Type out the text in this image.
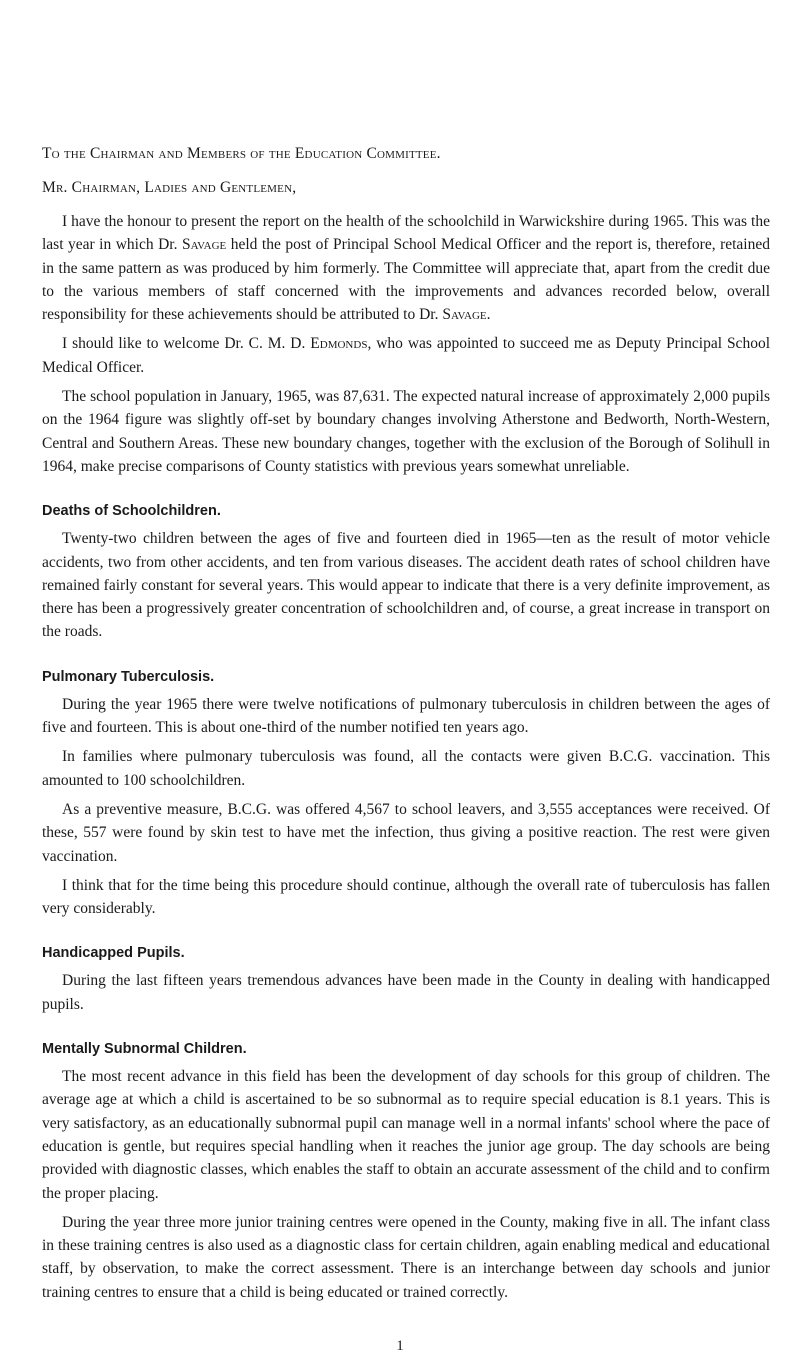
To the Chairman and Members of the Education Committee.
Mr. Chairman, Ladies and Gentlemen,

I have the honour to present the report on the health of the schoolchild in Warwickshire during 1965. This was the last year in which Dr. Savage held the post of Principal School Medical Officer and the report is, therefore, retained in the same pattern as was produced by him formerly. The Committee will appreciate that, apart from the credit due to the various members of staff concerned with the improvements and advances recorded below, overall responsibility for these achievements should be attributed to Dr. Savage.

I should like to welcome Dr. C. M. D. Edmonds, who was appointed to succeed me as Deputy Principal School Medical Officer.

The school population in January, 1965, was 87,631. The expected natural increase of approximately 2,000 pupils on the 1964 figure was slightly off-set by boundary changes involving Atherstone and Bedworth, North-Western, Central and Southern Areas. These new boundary changes, together with the exclusion of the Borough of Solihull in 1964, make precise comparisons of County statistics with previous years somewhat unreliable.

Deaths of Schoolchildren.

Twenty-two children between the ages of five and fourteen died in 1965—ten as the result of motor vehicle accidents, two from other accidents, and ten from various diseases. The accident death rates of school children have remained fairly constant for several years. This would appear to indicate that there is a very definite improvement, as there has been a progressively greater concentration of schoolchildren and, of course, a great increase in transport on the roads.

Pulmonary Tuberculosis.

During the year 1965 there were twelve notifications of pulmonary tuberculosis in children between the ages of five and fourteen. This is about one-third of the number notified ten years ago.

In families where pulmonary tuberculosis was found, all the contacts were given B.C.G. vaccination. This amounted to 100 schoolchildren.

As a preventive measure, B.C.G. was offered 4,567 to school leavers, and 3,555 acceptances were received. Of these, 557 were found by skin test to have met the infection, thus giving a positive reaction. The rest were given vaccination.

I think that for the time being this procedure should continue, although the overall rate of tuberculosis has fallen very considerably.

Handicapped Pupils.

During the last fifteen years tremendous advances have been made in the County in dealing with handicapped pupils.

Mentally Subnormal Children.

The most recent advance in this field has been the development of day schools for this group of children. The average age at which a child is ascertained to be so subnormal as to require special education is 8.1 years. This is very satisfactory, as an educationally subnormal pupil can manage well in a normal infants' school where the pace of education is gentle, but requires special handling when it reaches the junior age group. The day schools are being provided with diagnostic classes, which enables the staff to obtain an accurate assessment of the child and to confirm the proper placing.

During the year three more junior training centres were opened in the County, making five in all. The infant class in these training centres is also used as a diagnostic class for certain children, again enabling medical and educational staff, by observation, to make the correct assessment. There is an interchange between day schools and junior training centres to ensure that a child is being educated or trained correctly.

1
